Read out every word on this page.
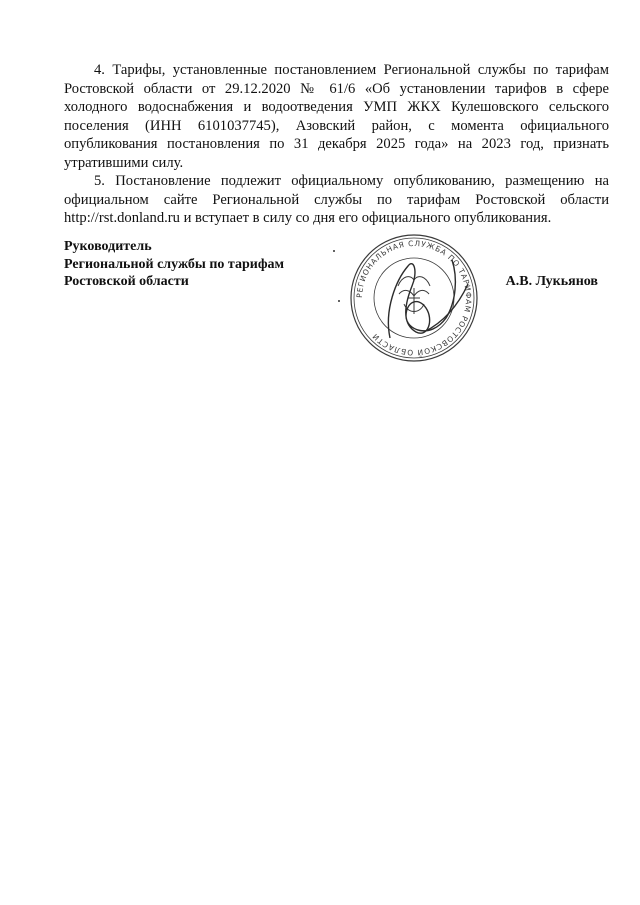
4. Тарифы, установленные постановлением Региональной службы по тарифам Ростовской области от 29.12.2020 № 61/6 «Об установлении тарифов в сфере холодного водоснабжения и водоотведения УМП ЖКХ Кулешовского сельского поселения (ИНН 6101037745), Азовский район, с момента официального опубликования постановления по 31 декабря 2025 года» на 2023 год, признать утратившими силу.

5. Постановление подлежит официальному опубликованию, размещению на официальном сайте Региональной службы по тарифам Ростовской области http://rst.donland.ru и вступает в силу со дня его официального опубликования.

Руководитель
Региональной службы по тарифам
Ростовской области	А.В. Лукьянов
РЕГИОНАЛЬНАЯ СЛУЖБА ПО ТАРИФАМ РОСТОВСКОЙ ОБЛАСТИ
